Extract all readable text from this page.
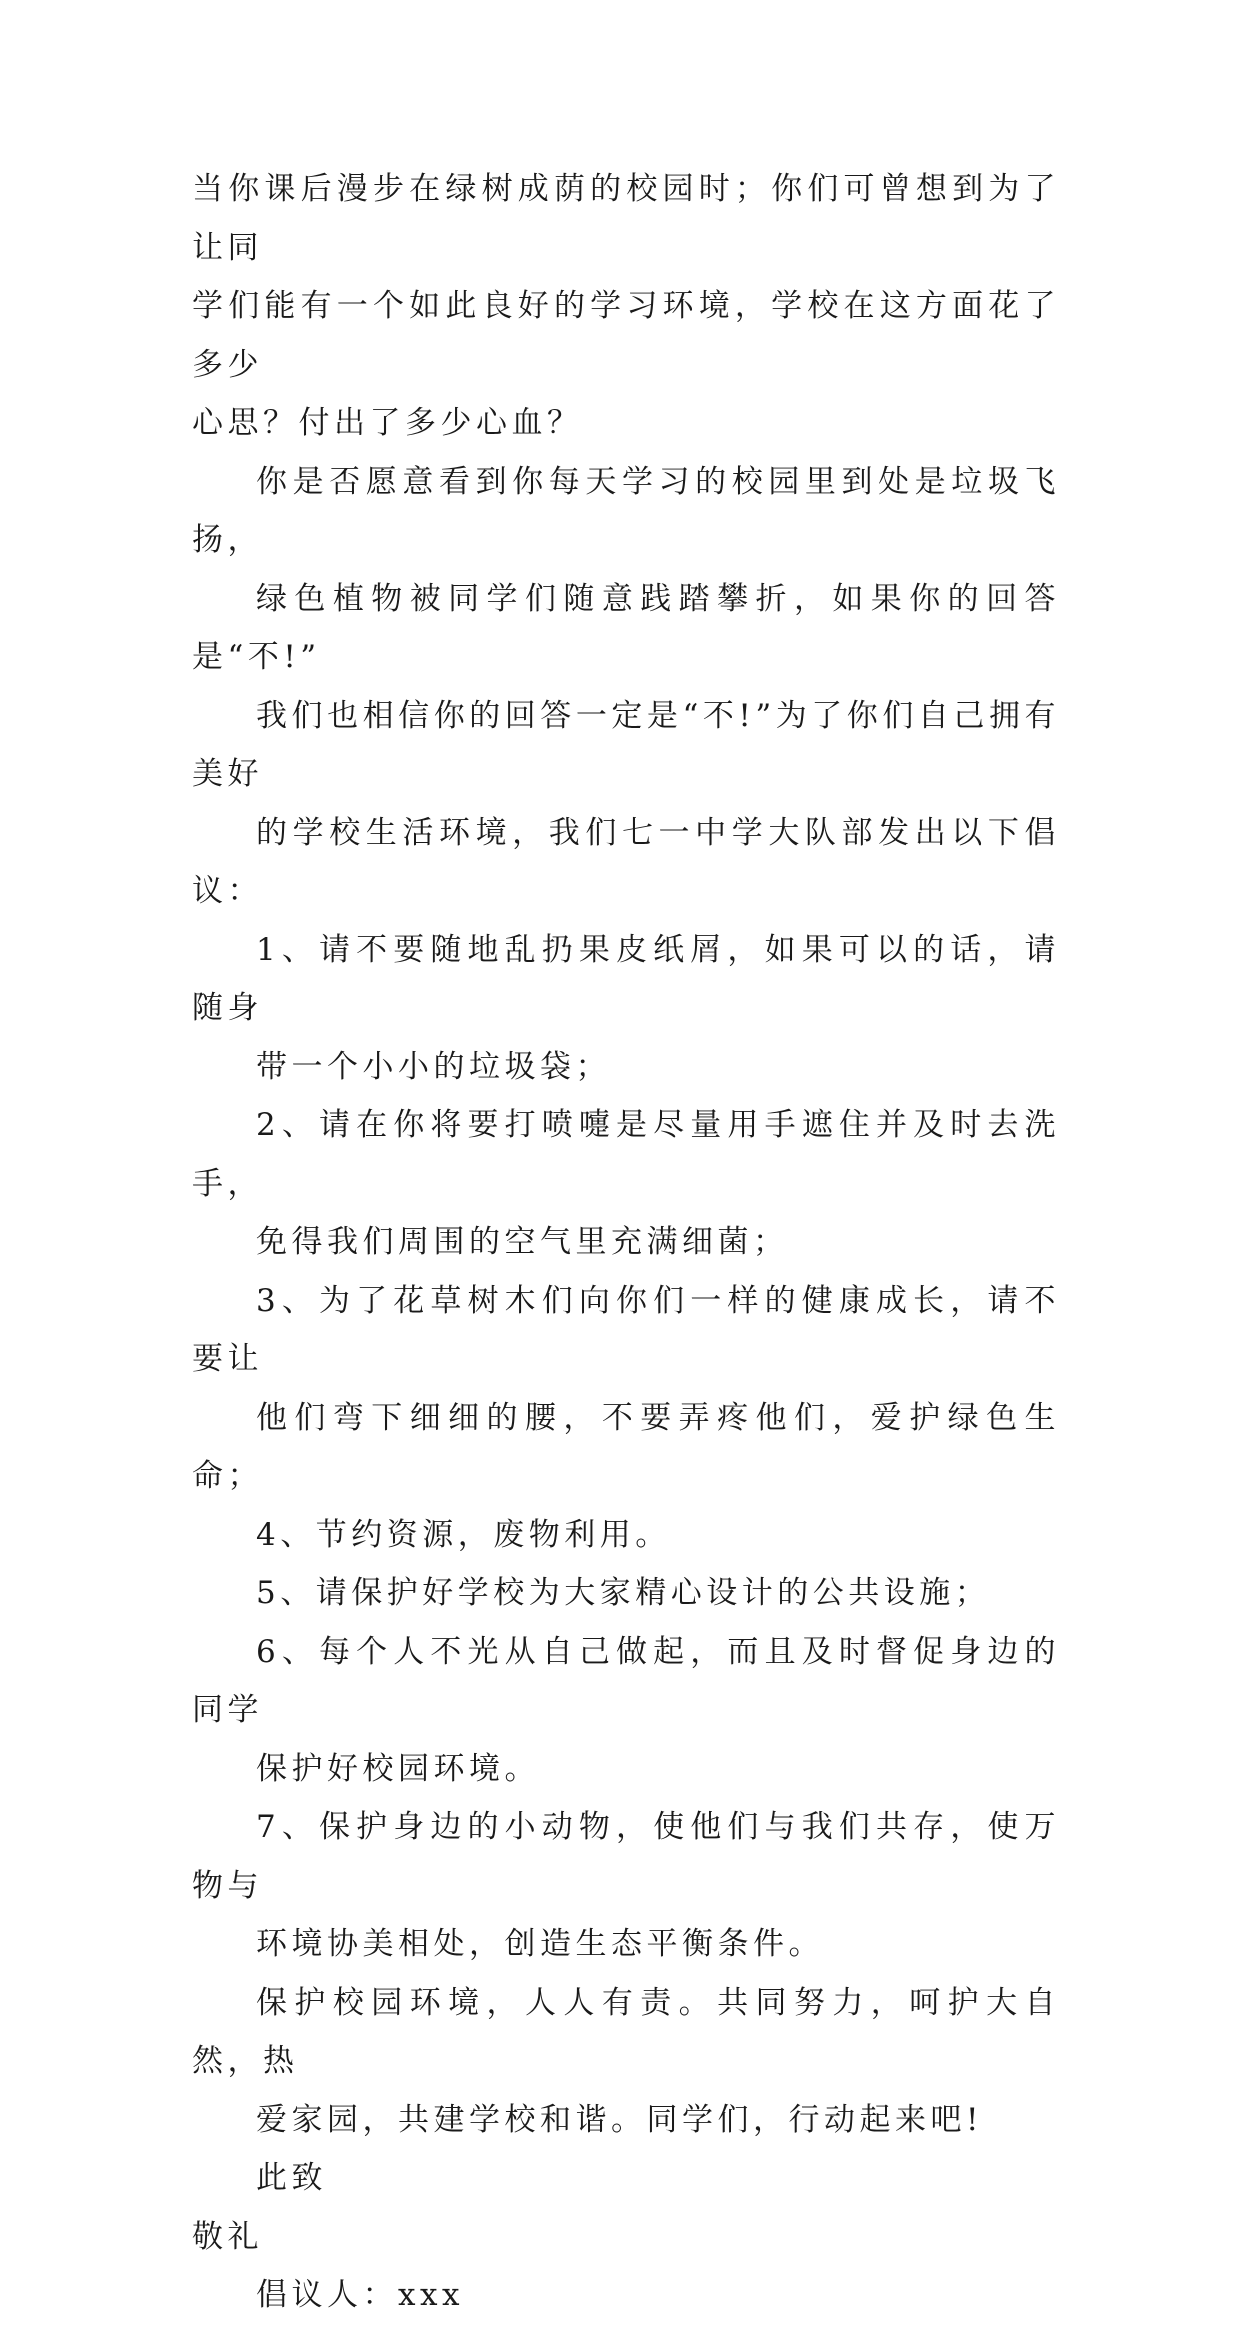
当你课后漫步在绿树成荫的校园时；你们可曾想到为了让同
学们能有一个如此良好的学习环境，学校在这方面花了多少
心思？付出了多少心血？

你是否愿意看到你每天学习的校园里到处是垃圾飞扬，
绿色植物被同学们随意践踏攀折，如果你的回答是“不!”
我们也相信你的回答一定是“不!”为了你们自己拥有美好
的学校生活环境，我们七一中学大队部发出以下倡议：

1、请不要随地乱扔果皮纸屑，如果可以的话，请随身
带一个小小的垃圾袋；

2、请在你将要打喷嚏是尽量用手遮住并及时去洗手，
免得我们周围的空气里充满细菌；

3、为了花草树木们向你们一样的健康成长，请不要让
他们弯下细细的腰，不要弄疼他们，爱护绿色生命；

4、节约资源，废物利用。

5、请保护好学校为大家精心设计的公共设施；

6、每个人不光从自己做起，而且及时督促身边的同学
保护好校园环境。

7、保护身边的小动物，使他们与我们共存，使万物与
环境协美相处，创造生态平衡条件。

保护校园环境，人人有责。共同努力，呵护大自然，热
爱家园，共建学校和谐。同学们，行动起来吧!

此致

敬礼

倡议人：xxx
